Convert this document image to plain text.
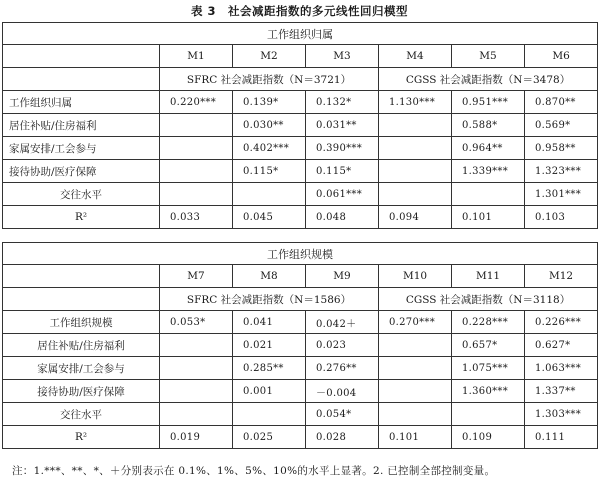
表 3　社会减距指数的多元线性回归模型
工作组织归属						
	M1	M2	M3	M4	M5	M6
	SFRC 社会减距指数（N＝3721）			CGSS 社会减距指数（N＝3478）		
工作组织归属	0.220***	0.139*	0.132*	1.130***	0.951***	0.870**
居住补贴/住房福利		0.030**	0.031**		0.588*	0.569*
家属安排/工会参与		0.402***	0.390***		0.964**	0.958**
接待协助/医疗保障		0.115*	0.115*		1.339***	1.323***
交往水平			0.061***			1.301***
R²	0.033	0.045	0.048	0.094	0.101	0.103
工作组织规模						
	M7	M8	M9	M10	M11	M12
	SFRC 社会减距指数（N＝1586）			CGSS 社会减距指数（N＝3118）		
工作组织规模	0.053*	0.041	0.042＋	0.270***	0.228***	0.226***
居住补贴/住房福利		0.021	0.023		0.657*	0.627*
家属安排/工会参与		0.285**	0.276**		1.075***	1.063***
接待协助/医疗保障		0.001	－0.004		1.360***	1.337**
交往水平			0.054*			1.303***
R²	0.019	0.025	0.028	0.101	0.109	0.111
注：1.***、**、*、＋分别表示在 0.1%、1%、5%、10%的水平上显著。2. 已控制全部控制变量。
